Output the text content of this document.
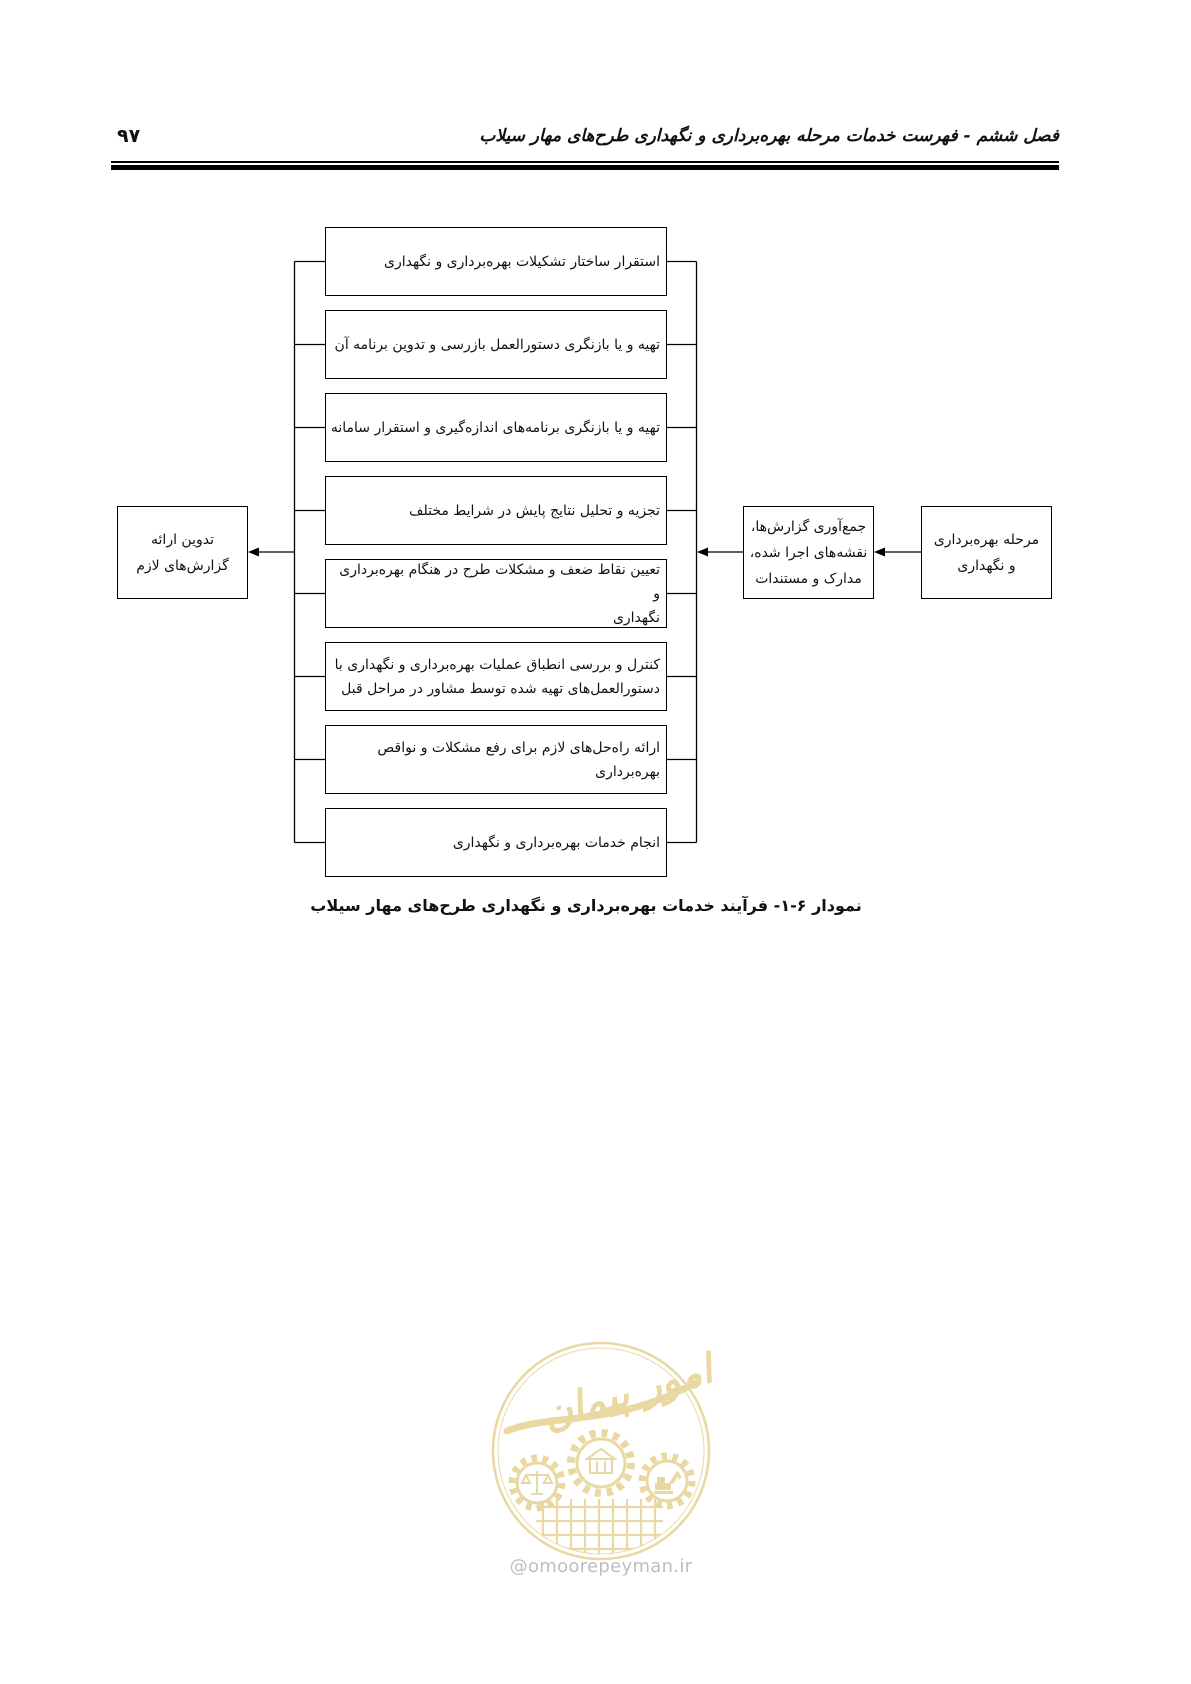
فصل ششم - فهرست خدمات مرحله بهره‌برداری و نگهداری طرح‌های مهار سیلاب
۹۷
استقرار ساختار تشکیلات بهره‌برداری و نگهداری
تهیه و یا بازنگری دستورالعمل بازرسی و تدوین برنامه آن
تهیه و یا بازنگری برنامه‌های اندازه‌گیری و استقرار سامانه
تجزیه و تحلیل نتایج پایش در شرایط مختلف
تعیین نقاط ضعف و مشکلات طرح در هنگام بهره‌برداری و
نگهداری
کنترل و بررسی انطباق عملیات بهره‌برداری و نگهداری با
دستورالعمل‌های تهیه شده توسط مشاور در مراحل قبل
ارائه راه‌حل‌های لازم برای رفع مشکلات و نواقص
بهره‌برداری
انجام خدمات بهره‌برداری و نگهداری
تدوین ارائه
گزارش‌های لازم
جمع‌آوری گزارش‌ها،
نقشه‌های اجرا شده،
مدارک و مستندات
مرحله بهره‌برداری
و نگهداری
نمودار ۶-۱- فرآیند خدمات بهره‌برداری و نگهداری طرح‌های مهار سیلاب
امور پیمان
@omoorepeyman.ir
